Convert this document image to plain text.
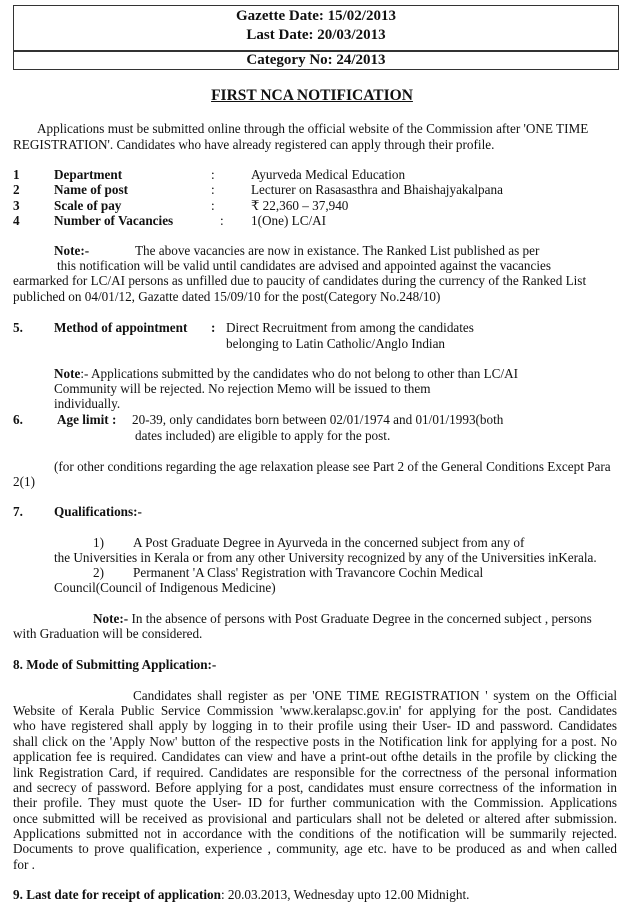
Gazette Date: 15/02/2013
Last Date: 20/03/2013
Category No: 24/2013
FIRST NCA NOTIFICATION
Applications must be submitted online through the official website of the Commission after 'ONE TIME
REGISTRATION'. Candidates who have already registered can apply through their profile.
1	Department	:	Ayurveda Medical Education
2	Name of post	:	Lecturer on Rasasasthra and Bhaishajyakalpana
3	Scale of pay	:	₹ 22,360 – 37,940
4	Number of Vacancies	: 1(One) LC/AI
Note:-	The above vacancies are now in existance. The Ranked List published as per
this notification will be valid until candidates are advised and appointed against the vacancies
earmarked for LC/AI persons as unfilled due to paucity of candidates during the currency of the Ranked List
publiched on 04/01/12, Gazatte dated 15/09/10 for the post(Category No.248/10)
5. Method of appointment : Direct Recruitment from among the candidates
belonging to Latin Catholic/Anglo Indian
Note:- Applications submitted by the candidates who do not belong to other than LC/AI
Community will be rejected. No rejection Memo will be issued to them
individually.
6.	Age limit : 20-39, only candidates born between 02/01/1974 and 01/01/1993(both
dates included) are eligible to apply for the post.
(for other conditions regarding the age relaxation please see Part 2 of the General Conditions Except Para
2(1)
7. Qualifications:-
1) A Post Graduate Degree in Ayurveda in the concerned subject from any of
the Universities in Kerala or from any other University recognized by any of the Universities inKerala.
2) Permanent 'A Class' Registration with Travancore Cochin Medical
Council(Council of Indigenous Medicine)
Note:- In the absence of persons with Post Graduate Degree in the concerned subject , persons
with Graduation will be considered.
8. Mode of Submitting Application:-
Candidates shall register as per 'ONE TIME REGISTRATION ' system on the Official
Website of Kerala Public Service Commission 'www.keralapsc.gov.in' for applying for the post. Candidates
who have registered shall apply by logging in to their profile using their User- ID and password. Candidates
shall click on the 'Apply Now' button of the respective posts in the Notification link for applying for a post. No
application fee is required. Candidates can view and have a print-out ofthe details in the profile by clicking the
link Registration Card, if required. Candidates are responsible for the correctness of the personal information
and secrecy of password. Before applying for a post, candidates must ensure correctness of the information in
their profile. They must quote the User- ID for further communication with the Commission. Applications
once submitted will be received as provisional and particulars shall not be deleted or altered after submission.
Applications submitted not in accordance with the conditions of the notification will be summarily rejected.
Documents to prove qualification, experience , community, age etc. have to be produced as and when called
for .
9. Last date for receipt of application: 20.03.2013, Wednesday upto 12.00 Midnight.
